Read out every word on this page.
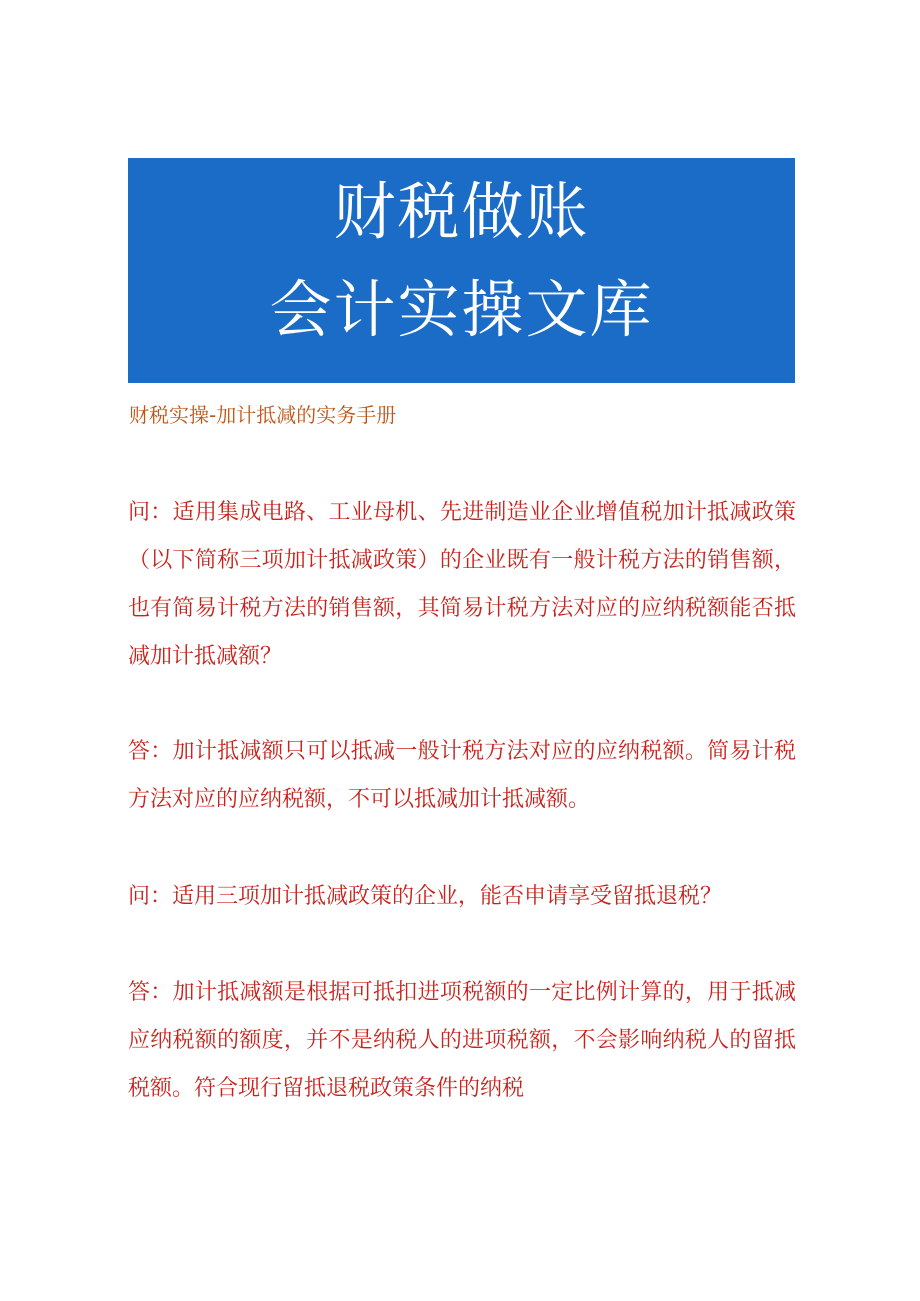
财税做账
会计实操文库
财税实操-加计抵减的实务手册

问：适用集成电路、工业母机、先进制造业企业增值税加计抵减政策（以下简称三项加计抵减政策）的企业既有一般计税方法的销售额，也有简易计税方法的销售额，其简易计税方法对应的应纳税额能否抵减加计抵减额？

答：加计抵减额只可以抵减一般计税方法对应的应纳税额。简易计税方法对应的应纳税额，不可以抵减加计抵减额。

问：适用三项加计抵减政策的企业，能否申请享受留抵退税？

答：加计抵减额是根据可抵扣进项税额的一定比例计算的，用于抵减应纳税额的额度，并不是纳税人的进项税额，不会影响纳税人的留抵税额。符合现行留抵退税政策条件的纳税
